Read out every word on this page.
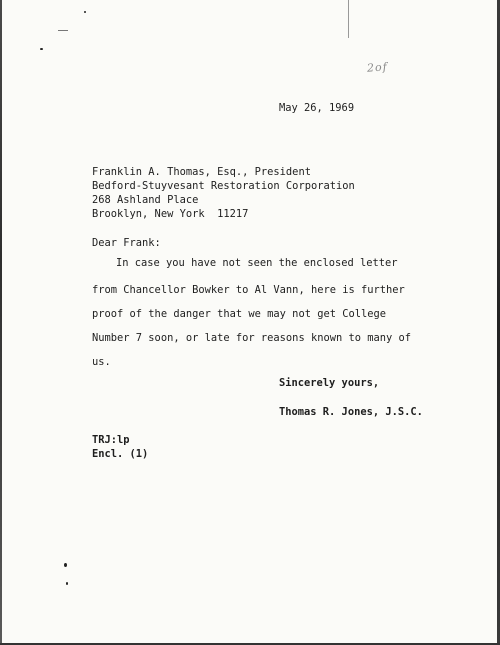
2of
May 26, 1969
Franklin A. Thomas, Esq., President
Bedford-Stuyvesant Restoration Corporation
268 Ashland Place
Brooklyn, New York  11217
Dear Frank:
In case you have not seen the enclosed letter
from Chancellor Bowker to Al Vann, here is further
proof of the danger that we may not get College
Number 7 soon, or late for reasons known to many of
us.
Sincerely yours,
Thomas R. Jones, J.S.C.
TRJ:lp
Encl. (1)
